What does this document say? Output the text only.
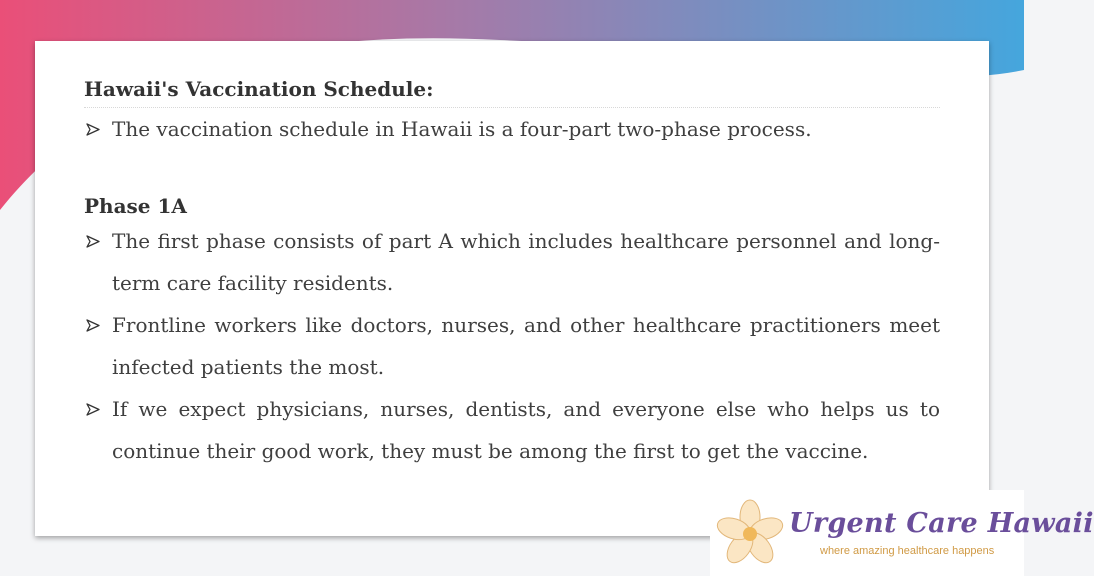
Hawaii's Vaccination Schedule:
The vaccination schedule in Hawaii is a four-part two-phase process.
Phase 1A
The first phase consists of part A which includes healthcare personnel and long-term care facility residents.
Frontline workers like doctors, nurses, and other healthcare practitioners meet infected patients the most.
If we expect physicians, nurses, dentists, and everyone else who helps us to continue their good work, they must be among the first to get the vaccine.
Urgent Care Hawaii
where amazing healthcare happens
